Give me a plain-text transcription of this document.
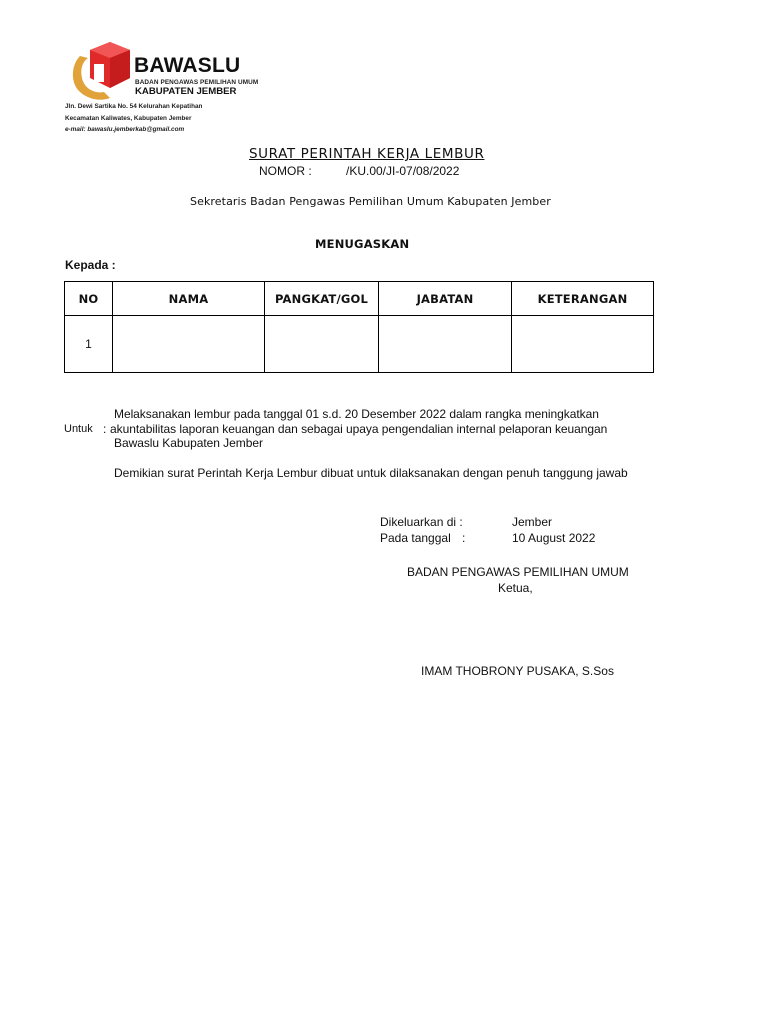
BAWASLU
BADAN PENGAWAS PEMILIHAN UMUM
KABUPATEN JEMBER
Jln. Dewi Sartika No. 54 Kelurahan Kepatihan
Kecamatan Kaliwates, Kabupaten Jember
e-mail: bawaslu.jemberkab@gmail.com
SURAT PERINTAH KERJA LEMBUR
NOMOR :	/KU.00/JI-07/08/2022
Sekretaris Badan Pengawas Pemilihan Umum Kabupaten Jember
MENUGASKAN
Kepada :
NO	NAMA	PANGKAT/GOL	JABATAN	KETERANGAN
1				
Untuk :
Melaksanakan lembur pada tanggal 01 s.d. 20 Desember 2022 dalam rangka meningkatkan
akuntabilitas laporan keuangan dan sebagai upaya pengendalian internal pelaporan keuangan
Bawaslu Kabupaten Jember
Demikian surat Perintah Kerja Lembur dibuat untuk dilaksanakan dengan penuh tanggung jawab
Dikeluarkan di :	Jember
Pada tanggal :	10 August 2022
BADAN PENGAWAS PEMILIHAN UMUM
Ketua,
IMAM THOBRONY PUSAKA, S.Sos
